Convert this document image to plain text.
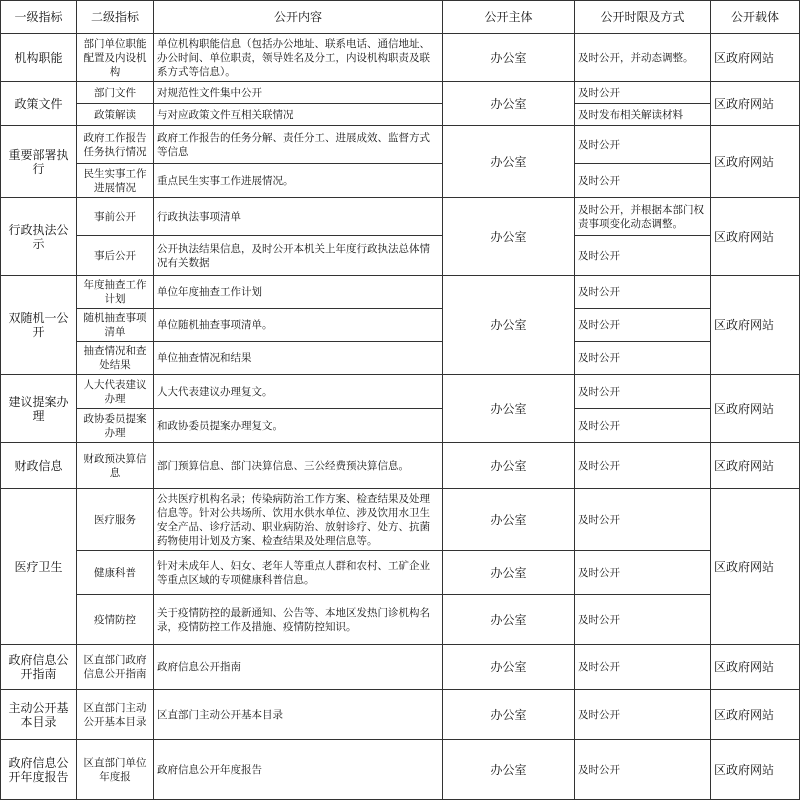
一级指标	二级指标	公开内容	公开主体	公开时限及方式	公开载体
机构职能	部门单位职能配置及内设机构	单位机构职能信息（包括办公地址、联系电话、通信地址、办公时间、单位职责，领导姓名及分工，内设机构职责及联系方式等信息）。	办公室	及时公开，并动态调整。	区政府网站
政策文件	部门文件	对规范性文件集中公开	办公室	及时公开	区政府网站
	政策解读	与对应政策文件互相关联情况		及时发布相关解读材料	
重要部署执行	政府工作报告任务执行情况	政府工作报告的任务分解、责任分工、进展成效、监督方式等信息	办公室	及时公开	区政府网站
	民生实事工作进展情况	重点民生实事工作进展情况。		及时公开	
行政执法公示	事前公开	行政执法事项清单	办公室	及时公开，并根据本部门权责事项变化动态调整。	区政府网站
	事后公开	公开执法结果信息，及时公开本机关上年度行政执法总体情况有关数据		及时公开	
双随机一公开	年度抽查工作计划	单位年度抽查工作计划	办公室	及时公开	区政府网站
	随机抽查事项清单	单位随机抽查事项清单。		及时公开	
	抽查情况和查处结果	单位抽查情况和结果		及时公开	
建议提案办理	人大代表建议办理	人大代表建议办理复文。	办公室	及时公开	区政府网站
	政协委员提案办理	和政协委员提案办理复文。		及时公开	
财政信息	财政预决算信息	部门预算信息、部门决算信息、三公经费预决算信息。	办公室	及时公开	区政府网站
医疗卫生	医疗服务	公共医疗机构名录；传染病防治工作方案、检查结果及处理信息等。针对公共场所、饮用水供水单位、涉及饮用水卫生安全产品、诊疗活动、职业病防治、放射诊疗、处方、抗菌药物使用计划及方案、检查结果及处理信息等。	办公室	及时公开	区政府网站
	健康科普	针对未成年人、妇女、老年人等重点人群和农村、工矿企业等重点区域的专项健康科普信息。	办公室	及时公开	
	疫情防控	关于疫情防控的最新通知、公告等、本地区发热门诊机构名录，疫情防控工作及措施、疫情防控知识。	办公室	及时公开	
政府信息公开指南	区直部门政府信息公开指南	政府信息公开指南	办公室	及时公开	区政府网站
主动公开基本目录	区直部门主动公开基本目录	区直部门主动公开基本目录	办公室	及时公开	区政府网站
政府信息公开年度报告	区直部门单位年度报	政府信息公开年度报告	办公室	及时公开	区政府网站
